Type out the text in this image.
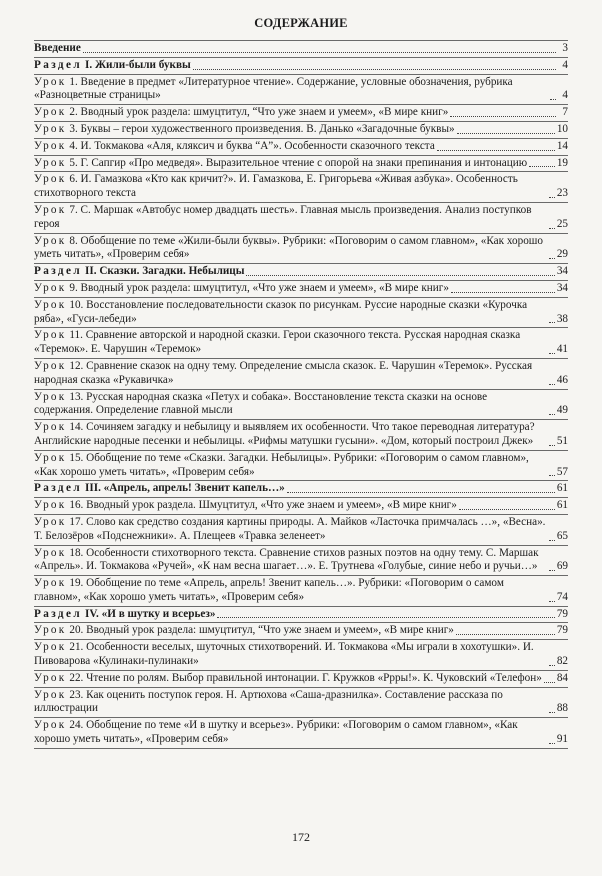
СОДЕРЖАНИЕ
Введение	3
Раздел I. Жили-были буквы	4
Урок 1. Введение в предмет «Литературное чтение». Содержание, условные обозначения, рубрика «Разноцветные страницы»	4
Урок 2. Вводный урок раздела: шмуцтитул, “Что уже знаем и умеем», «В мире книг»	7
Урок 3. Буквы – герои художественного произведения. В. Данько «Загадочные буквы»	10
Урок 4. И. Токмакова «Аля, кляксич и буква “А”». Особенности сказочного текста	14
Урок 5. Г. Сапгир «Про медведя». Выразительное чтение с опорой на знаки препинания и интонацию	19
Урок 6. И. Гамазкова «Кто как кричит?». И. Гамазкова, Е. Григорьева «Живая азбука». Особенность стихотворного текста	23
Урок 7. С. Маршак «Автобус номер двадцать шесть». Главная мысль произведения. Анализ поступков героя	25
Урок 8. Обобщение по теме «Жили-были буквы». Рубрики: «Поговорим о самом главном», «Как хорошо уметь читать», «Проверим себя»	29
Раздел II. Сказки. Загадки. Небылицы	34
Урок 9. Вводный урок раздела: шмуцтитул, «Что уже знаем и умеем», «В мире книг»	34
Урок 10. Восстановление последовательности сказок по рисункам. Русcие народные сказки «Курочка ряба», «Гуси-лебеди»	38
Урок 11. Сравнение авторской и народной сказки. Герои сказочного текста. Русская народная сказка «Теремок». Е. Чарушин «Теремок»	41
Урок 12. Сравнение сказок на одну тему. Определение смысла сказок. Е. Чарушин «Теремок». Русская народная сказка «Рукавичка»	46
Урок 13. Русская народная сказка «Петух и собака». Восстановление текста сказки на основе содержания. Определение главной мысли	49
Урок 14. Сочиняем загадку и небылицу и выявляем их особенности. Что такое переводная литература? Английские народные песенки и небылицы. «Рифмы матушки гусыни». «Дом, который построил Джек»	51
Урок 15. Обобщение по теме «Сказки. Загадки. Небылицы». Рубрики: «Поговорим о самом главном», «Как хорошо уметь читать», «Проверим себя»	57
Раздел III. «Апрель, апрель! Звенит капель…»	61
Урок 16. Вводный урок раздела. Шмуцтитул, «Что уже знаем и умеем», «В мире книг»	61
Урок 17. Слово как средство создания картины природы. А. Майков «Ласточка примчалась …», «Весна». Т. Белозёров «Подснежники». А. Плещеев «Травка зеленеет»	65
Урок 18. Особенности стихотворного текста. Сравнение стихов разных поэтов на одну тему. С. Маршак «Апрель». И. Токмакова «Ручей», «К нам весна шагает…». Е. Трутнева «Голубые, синие небо и ручьи…»	69
Урок 19. Обобщение по теме «Апрель, апрель! Звенит капель…». Рубрики: «Поговорим о самом главном», «Как хорошо уметь читать», «Проверим себя»	74
Раздел IV. «И в шутку и всерьез»	79
Урок 20. Вводный урок раздела: шмуцтитул, “Что уже знаем и умеем», «В мире книг»	79
Урок 21. Особенности веселых, шуточных стихотворений. И. Токмакова «Мы играли в хохотушки». И. Пивоварова «Кулинаки-пулинаки»	82
Урок 22. Чтение по ролям. Выбор правильной интонации. Г. Кружков «Ррры!». К. Чуковский «Телефон» 84
Урок 23. Как оценить поступок героя. Н. Артюхова «Саша-дразнилка». Составление рассказа по иллюстрации	88
Урок 24. Обобщение по теме «И в шутку и всерьез». Рубрики: «Поговорим о самом главном», «Как хорошо уметь читать», «Проверим себя»	91
172
